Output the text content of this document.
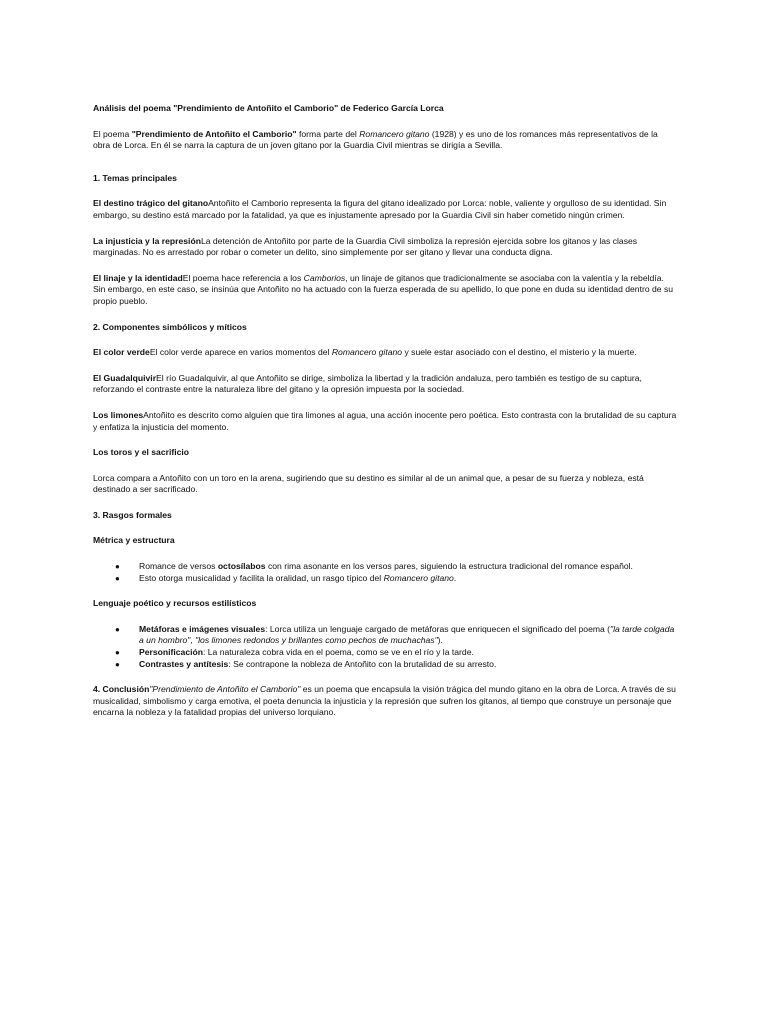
Análisis del poema "Prendimiento de Antoñito el Camborio" de Federico García Lorca

El poema "Prendimiento de Antoñito el Camborio" forma parte del Romancero gitano (1928) y es uno de los romances más representativos de la obra de Lorca. En él se narra la captura de un joven gitano por la Guardia Civil mientras se dirigía a Sevilla.

1. Temas principales

El destino trágico del gitanoAntoñito el Camborio representa la figura del gitano idealizado por Lorca: noble, valiente y orgulloso de su identidad. Sin embargo, su destino está marcado por la fatalidad, ya que es injustamente apresado por la Guardia Civil sin haber cometido ningún crimen.

La injusticia y la represiónLa detención de Antoñito por parte de la Guardia Civil simboliza la represión ejercida sobre los gitanos y las clases marginadas. No es arrestado por robar o cometer un delito, sino simplemente por ser gitano y llevar una conducta digna.

El linaje y la identidadEl poema hace referencia a los Camborios, un linaje de gitanos que tradicionalmente se asociaba con la valentía y la rebeldía. Sin embargo, en este caso, se insinúa que Antoñito no ha actuado con la fuerza esperada de su apellido, lo que pone en duda su identidad dentro de su propio pueblo.

2. Componentes simbólicos y míticos

El color verdeEl color verde aparece en varios momentos del Romancero gitano y suele estar asociado con el destino, el misterio y la muerte.

El GuadalquivirEl río Guadalquivir, al que Antoñito se dirige, simboliza la libertad y la tradición andaluza, pero también es testigo de su captura, reforzando el contraste entre la naturaleza libre del gitano y la opresión impuesta por la sociedad.

Los limonesAntoñito es descrito como alguien que tira limones al agua, una acción inocente pero poética. Esto contrasta con la brutalidad de su captura y enfatiza la injusticia del momento.

Los toros y el sacrificio

Lorca compara a Antoñito con un toro en la arena, sugiriendo que su destino es similar al de un animal que, a pesar de su fuerza y nobleza, está destinado a ser sacrificado.

3. Rasgos formales

Métrica y estructura

● Romance de versos octosílabos con rima asonante en los versos pares, siguiendo la estructura tradicional del romance español.
● Esto otorga musicalidad y facilita la oralidad, un rasgo típico del Romancero gitano.

Lenguaje poético y recursos estilísticos

● Metáforas e imágenes visuales: Lorca utiliza un lenguaje cargado de metáforas que enriquecen el significado del poema ("la tarde colgada a un hombro", "los limones redondos y brillantes como pechos de muchachas").
● Personificación: La naturaleza cobra vida en el poema, como se ve en el río y la tarde.
● Contrastes y antítesis: Se contrapone la nobleza de Antoñito con la brutalidad de su arresto.

4. Conclusión"Prendimiento de Antoñito el Camborio" es un poema que encapsula la visión trágica del mundo gitano en la obra de Lorca. A través de su musicalidad, simbolismo y carga emotiva, el poeta denuncia la injusticia y la represión que sufren los gitanos, al tiempo que construye un personaje que encarna la nobleza y la fatalidad propias del universo lorquiano.
